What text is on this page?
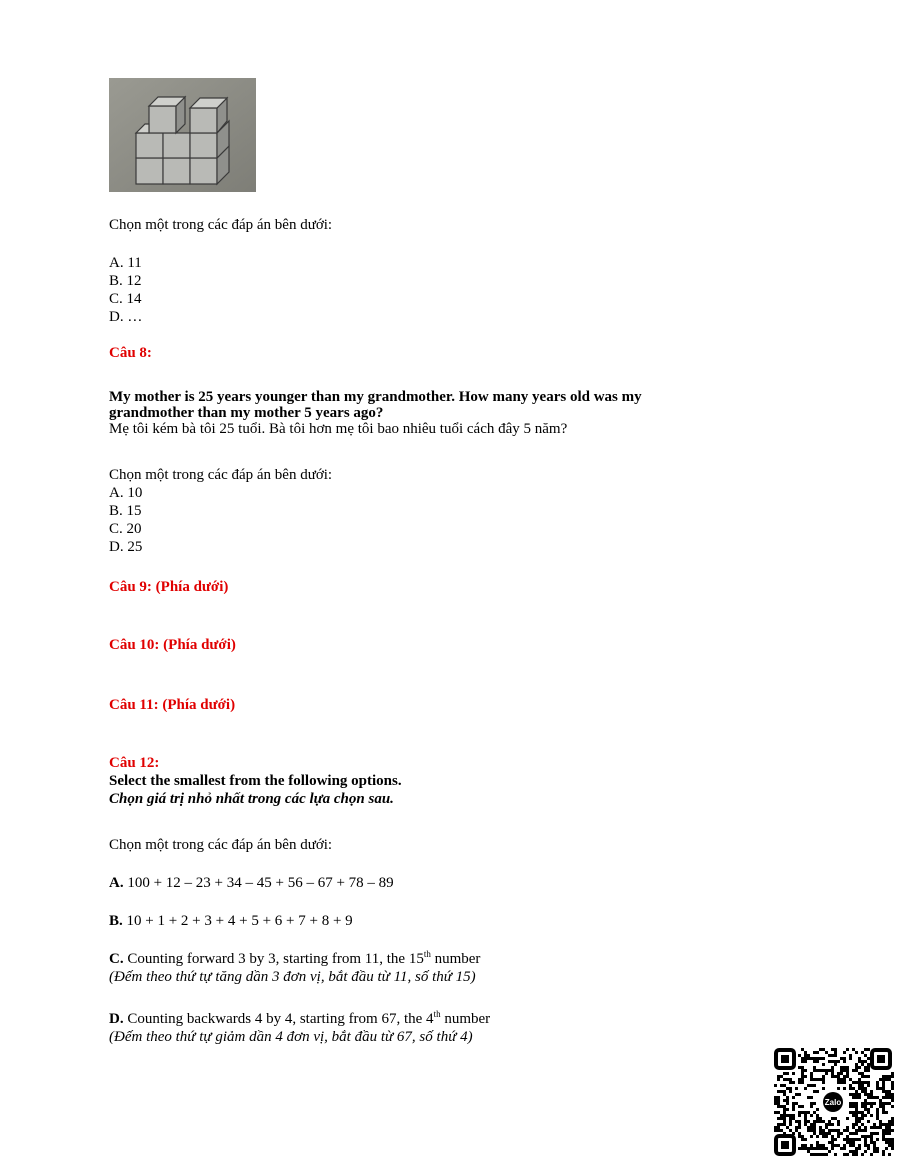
Chọn một trong các đáp án bên dưới:
A. 11
B. 12
C. 14
D. …
Câu 8:
My mother is 25 years younger than my grandmother. How many years old was my
grandmother than my mother 5 years ago?
Mẹ tôi kém bà tôi 25 tuổi. Bà tôi hơn mẹ tôi bao nhiêu tuổi cách đây 5 năm?
Chọn một trong các đáp án bên dưới:
A. 10
B. 15
C. 20
D. 25
Câu 9: (Phía dưới)
Câu 10: (Phía dưới)
Câu 11: (Phía dưới)
Câu 12:
Select the smallest from the following options.
Chọn giá trị nhỏ nhất trong các lựa chọn sau.
Chọn một trong các đáp án bên dưới:
A. 100 + 12 – 23 + 34 – 45 + 56 – 67 + 78 – 89
B. 10 + 1 + 2 + 3 + 4 + 5 + 6 + 7 + 8 + 9
C. Counting forward 3 by 3, starting from 11, the 15th number
(Đếm theo thứ tự tăng dần 3 đơn vị, bắt đầu từ 11, số thứ 15)
D. Counting backwards 4 by 4, starting from 67, the 4th number
(Đếm theo thứ tự giảm dần 4 đơn vị, bắt đầu từ 67, số thứ 4)
Zalo
